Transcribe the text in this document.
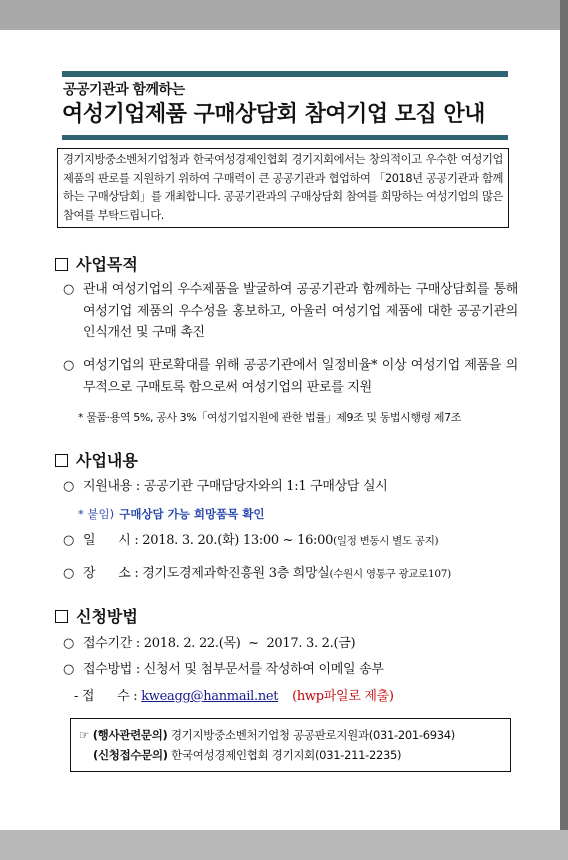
공공기관과 함께하는
여성기업제품 구매상담회 참여기업 모집 안내
경기지방중소벤처기업청과 한국여성경제인협회 경기지회에서는 창의적이고 우수한 여성기업제품의 판로를 지원하기 위하여 구매력이 큰 공공기관과 협업하여 「2018년 공공기관과 함께하는 구매상담회」를 개최합니다. 공공기관과의 구매상담회 참여를 희망하는 여성기업의 많은 참여를 부탁드립니다.
사업목적
○ 관내 여성기업의 우수제품을 발굴하여 공공기관과 함께하는 구매상담회를 통해 여성기업 제품의 우수성을 홍보하고, 아울러 여성기업 제품에 대한 공공기관의 인식개선 및 구매 촉진
○ 여성기업의 판로확대를 위해 공공기관에서 일정비율* 이상 여성기업 제품을 의무적으로 구매토록 함으로써 여성기업의 판로를 지원
* 물품·용역 5%, 공사 3%「여성기업지원에 관한 법률」제9조 및 동법시행령 제7조
사업내용
○ 지원내용 : 공공기관 구매담당자와의 1:1 구매상담 실시
* 붙임) 구매상담 가능 희망품목 확인
○ 일      시 : 2018. 3. 20.(화) 13:00 ~ 16:00(일정 변동시 별도 공지)
○ 장      소 : 경기도경제과학진흥원 3층 희망실(수원시 영통구 광교로107)
신청방법
○ 접수기간 : 2018. 2. 22.(목)  ~  2017. 3. 2.(금)
○ 접수방법 : 신청서 및 첨부문서를 작성하여 이메일 송부
- 접      수 : kweagg@hanmail.net (hwp파일로 제출)
☞ (행사관련문의) 경기지방중소벤처기업청 공공판로지원과(031-201-6934)
(신청접수문의) 한국여성경제인협회 경기지회(031-211-2235)
